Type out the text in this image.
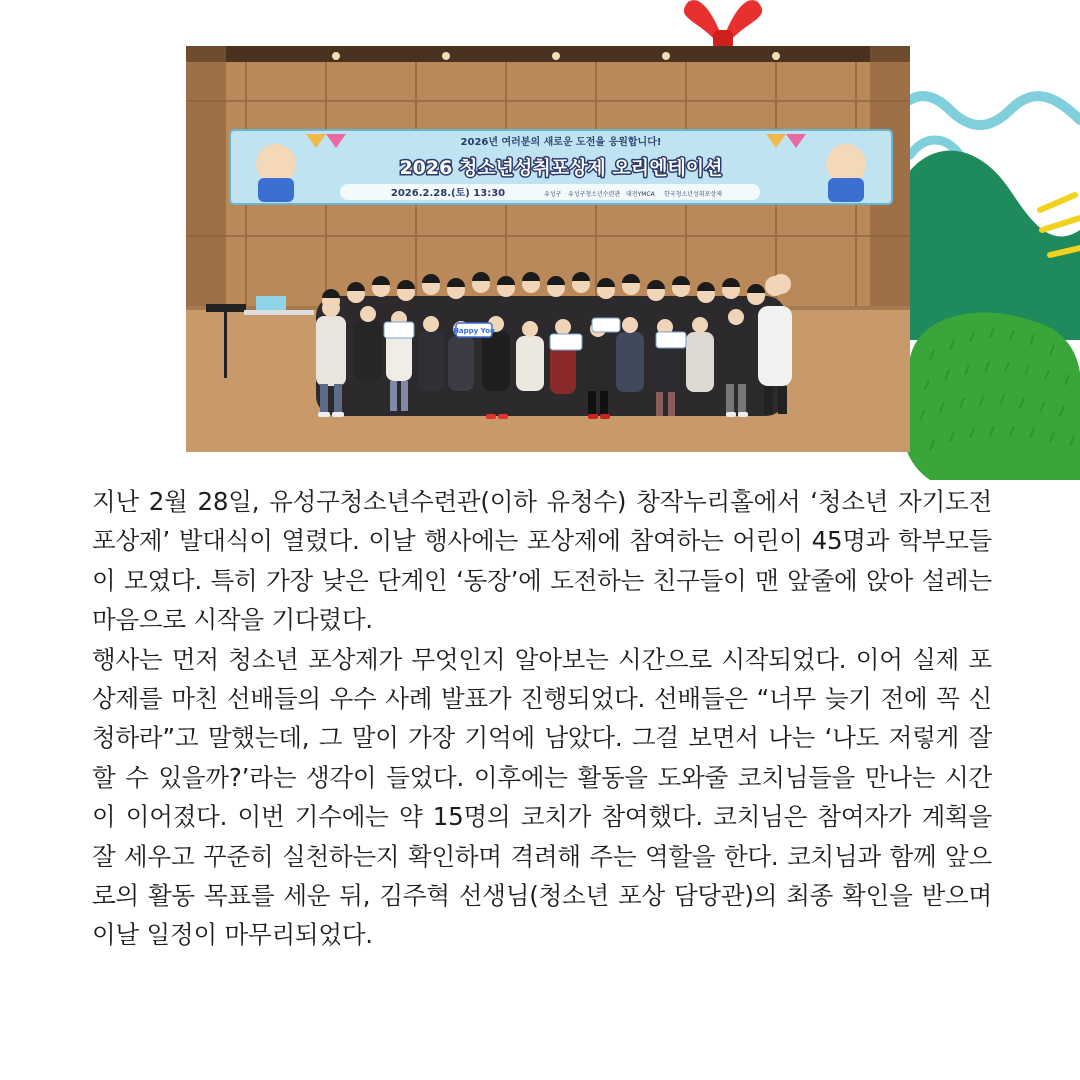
2026년 여러분의 새로운 도전을 응원합니다!
2026 청소년성취포상제 오리엔테이션
2026.2.28.(토) 13:30	유성구 유성구청소년수련관 대전YMCA 한국청소년성취포상제
Happy You

지난 2월 28일, 유성구청소년수련관(이하 유청수) 창작누리홀에서 ‘청소년 자기도전 포상제’ 발대식이 열렸다. 이날 행사에는 포상제에 참여하는 어린이 45명과 학부모들이 모였다. 특히 가장 낮은 단계인 ‘동장’에 도전하는 친구들이 맨 앞줄에 앉아 설레는 마음으로 시작을 기다렸다.

행사는 먼저 청소년 포상제가 무엇인지 알아보는 시간으로 시작되었다. 이어 실제 포상제를 마친 선배들의 우수 사례 발표가 진행되었다. 선배들은 “너무 늦기 전에 꼭 신청하라”고 말했는데, 그 말이 가장 기억에 남았다. 그걸 보면서 나는 ‘나도 저렇게 잘할 수 있을까?’라는 생각이 들었다. 이후에는 활동을 도와줄 코치님들을 만나는 시간이 이어졌다. 이번 기수에는 약 15명의 코치가 참여했다. 코치님은 참여자가 계획을 잘 세우고 꾸준히 실천하는지 확인하며 격려해 주는 역할을 한다. 코치님과 함께 앞으로의 활동 목표를 세운 뒤, 김주혁 선생님(청소년 포상 담당관)의 최종 확인을 받으며 이날 일정이 마무리되었다.
